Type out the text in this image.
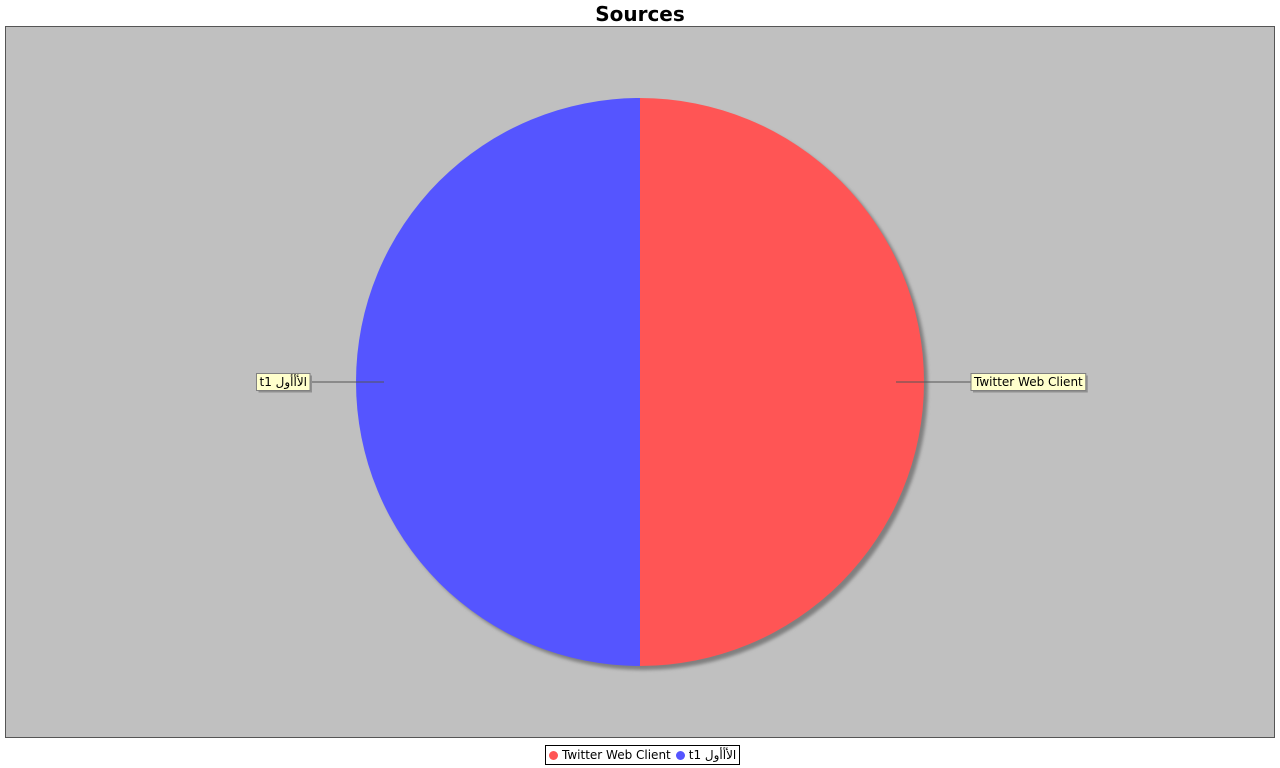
Sources
Twitter Web Client
t1 الأأأول
Twitter Web Client t1 الأأأول
